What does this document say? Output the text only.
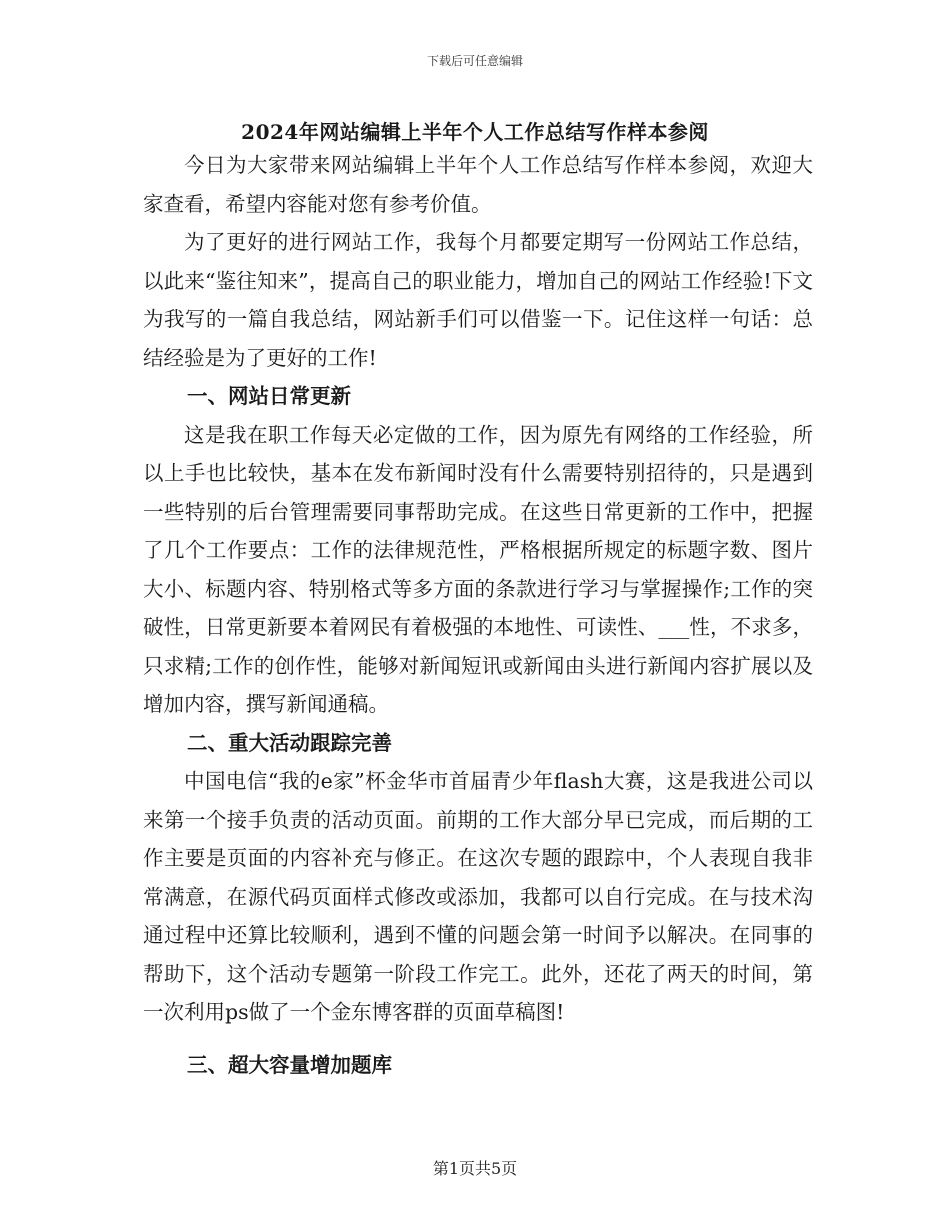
下载后可任意编辑
2024年网站编辑上半年个人工作总结写作样本参阅

今日为大家带来网站编辑上半年个人工作总结写作样本参阅，欢迎大家查看，希望内容能对您有参考价值。

为了更好的进行网站工作，我每个月都要定期写一份网站工作总结，以此来“鉴往知来”，提高自己的职业能力，增加自己的网站工作经验!下文为我写的一篇自我总结，网站新手们可以借鉴一下。记住这样一句话：总结经验是为了更好的工作!

一、网站日常更新

这是我在职工作每天必定做的工作，因为原先有网络的工作经验，所以上手也比较快，基本在发布新闻时没有什么需要特别招待的，只是遇到一些特别的后台管理需要同事帮助完成。在这些日常更新的工作中，把握了几个工作要点：工作的法律规范性，严格根据所规定的标题字数、图片大小、标题内容、特别格式等多方面的条款进行学习与掌握操作;工作的突破性，日常更新要本着网民有着极强的本地性、可读性、___性，不求多，只求精;工作的创作性，能够对新闻短讯或新闻由头进行新闻内容扩展以及增加内容，撰写新闻通稿。

二、重大活动跟踪完善

中国电信“我的e家”杯金华市首届青少年flash大赛，这是我进公司以来第一个接手负责的活动页面。前期的工作大部分早已完成，而后期的工作主要是页面的内容补充与修正。在这次专题的跟踪中，个人表现自我非常满意，在源代码页面样式修改或添加，我都可以自行完成。在与技术沟通过程中还算比较顺利，遇到不懂的问题会第一时间予以解决。在同事的帮助下，这个活动专题第一阶段工作完工。此外，还花了两天的时间，第一次利用ps做了一个金东博客群的页面草稿图!

三、超大容量增加题库

第1页共5页
